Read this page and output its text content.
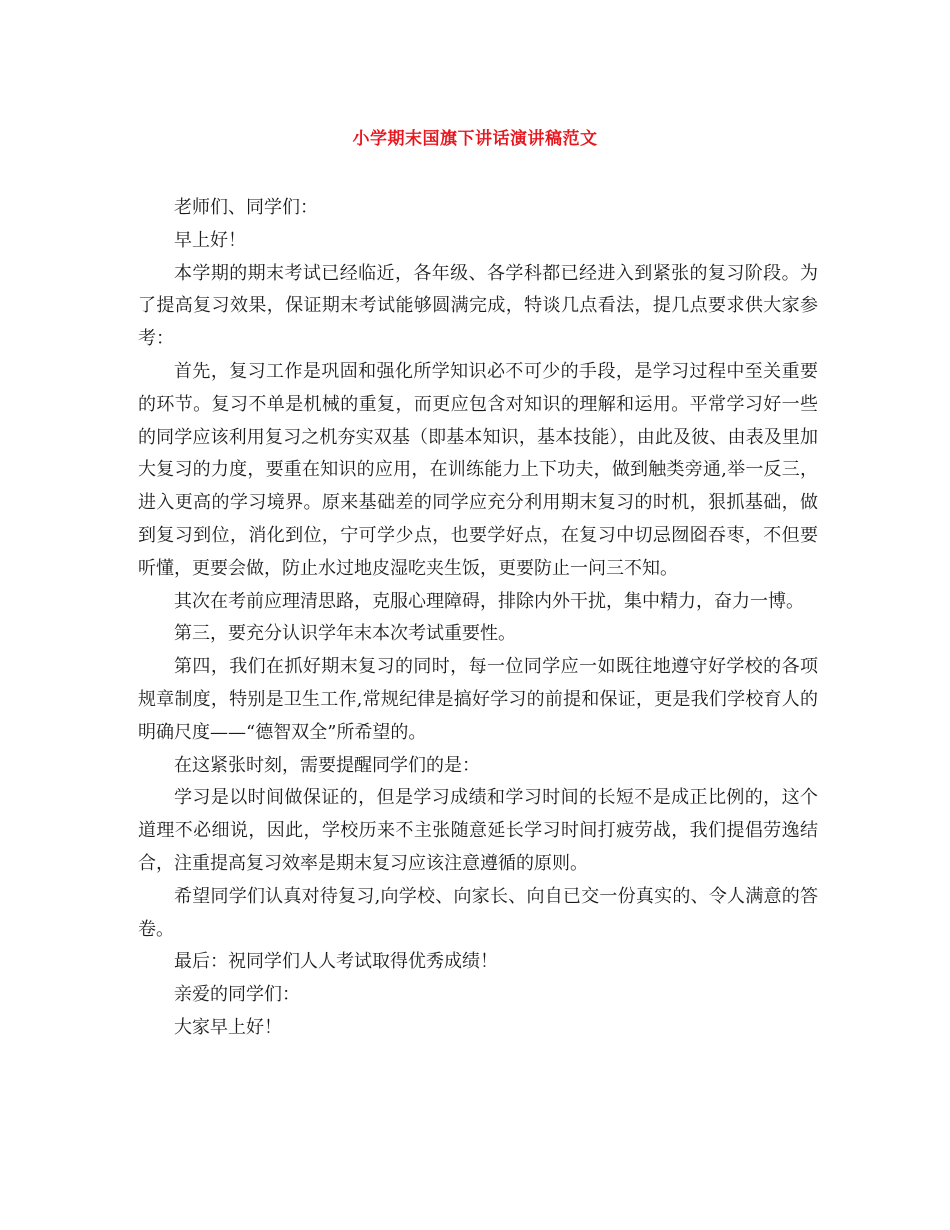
小学期末国旗下讲话演讲稿范文

老师们、同学们：

早上好！

本学期的期末考试已经临近，各年级、各学科都已经进入到紧张的复习阶段。为了提高复习效果，保证期末考试能够圆满完成，特谈几点看法，提几点要求供大家参考：

首先，复习工作是巩固和强化所学知识必不可少的手段，是学习过程中至关重要的环节。复习不单是机械的重复，而更应包含对知识的理解和运用。平常学习好一些的同学应该利用复习之机夯实双基（即基本知识，基本技能），由此及彼、由表及里加大复习的力度，要重在知识的应用，在训练能力上下功夫，做到触类旁通,举一反三，进入更高的学习境界。原来基础差的同学应充分利用期末复习的时机，狠抓基础，做到复习到位，消化到位，宁可学少点，也要学好点，在复习中切忌囫囵吞枣，不但要听懂，更要会做，防止水过地皮湿吃夹生饭，更要防止一问三不知。

其次在考前应理清思路，克服心理障碍，排除内外干扰，集中精力，奋力一博。

第三，要充分认识学年末本次考试重要性。

第四，我们在抓好期末复习的同时，每一位同学应一如既往地遵守好学校的各项规章制度，特别是卫生工作,常规纪律是搞好学习的前提和保证，更是我们学校育人的明确尺度——“德智双全”所希望的。

在这紧张时刻，需要提醒同学们的是：

学习是以时间做保证的，但是学习成绩和学习时间的长短不是成正比例的，这个道理不必细说，因此，学校历来不主张随意延长学习时间打疲劳战，我们提倡劳逸结合，注重提高复习效率是期末复习应该注意遵循的原则。

希望同学们认真对待复习,向学校、向家长、向自已交一份真实的、令人满意的答卷。

最后：祝同学们人人考试取得优秀成绩！

亲爱的同学们：

大家早上好！
